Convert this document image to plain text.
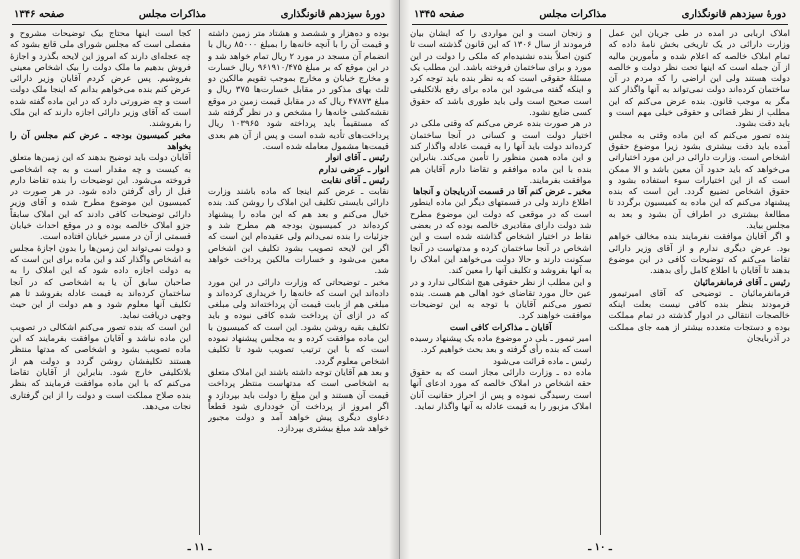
دورهٔ سیزدهم قانونگذاری
مذاکرات مجلس
صفحه ۱۳۴۶

بوده و ده‌هزار و ششصد و هشتاد متر زمین داشته و قیمت آن را با آنچه خانه‌ها را بمبلغ ۸۵۰۰۰ ریال با انضمام آن مسجد در مورد ۲ ریال تمام خواهد شد و در این موقع که بر مبلغ ۹۶۱۹۱۰/۴۷۵ ریال خسارت و مخارج خیابان و مخارج بموجب تقویم مالکین دو ثلث بهای مذکور در مقابل خسارت‌ها ۳۷۵ ریال و مبلغ ۴۷۸۷۳ ریال که در مقابل قیمت زمین در موقع نقشه‌کشی خانه‌ها را مشخص و در نظر گرفته شد که مستقیماً باید پرداخته شود ۱۰۳۹۶۵ ریال پرداخت‌های تأدیه شده است و پس از آن هم بعدی قیمت‌ها مشمول معامله شده است.

رئیس ـ آقای انوار

انوار ـ عرضی ندارم

رئیس ـ آقای نقابت

نقابت ـ عرض کنم اینجا که ماده باشند وزارت دارائی بایستی تکلیف این املاک را روشن کند. بنده خیال می‌کنم و بعد هم که این ماده را پیشنهاد کرده‌اند در کمیسیون بودجه هم مطرح شد و جزئیات را بنده نمی‌دانم ولی عقیده‌ام این است که اگر این لایحه تصویب بشود تکلیف این اشخاص معین می‌شود و خسارات مالکین پرداخت خواهد شد.

مخبر ـ توضیحاتی که وزارت دارائی در این مورد داده‌اند این است که خانه‌ها را خریداری کرده‌اند و مبلغی هم از بابت قیمت آن پرداخته‌اند ولی مبلغی که در ازای آن پرداخت شده کافی نبوده و باید تکلیف بقیه روشن بشود. این است که کمیسیون با این ماده موافقت کرده و به مجلس پیشنهاد نموده است که با این ترتیب تصویب شود تا تکلیف اشخاص معلوم گردد.

و بعد هم آقایان توجه داشته باشند این املاک متعلق به اشخاصی است که مدتهاست منتظر پرداخت قیمت آن هستند و این مبلغ را دولت باید بپردازد و اگر امروز از پرداخت آن خودداری شود قطعاً دعاوی دیگری پیش خواهد آمد و دولت مجبور خواهد شد مبلغ بیشتری بپردازد.

کجا است اینها محتاج بیک توضیحات مشروح و مفصلی است که مجلس شورای ملی قانع بشود که چه عجله‌ای دارند که امروز این لایحه بگذرد و اجازهٔ فروش بدهیم ما ملک دولت را بیک اشخاص معینی بفروشیم. پس عرض کردم آقایان وزیر دارائی عرض کنم بنده می‌خواهم بدانم که اینجا ملک دولت است و چه ضرورتی دارد که در این ماده گفته شده است که آقای وزیر دارائی اجازه دارند که این ملک را بفروشند.

مخبر کمیسیون بودجه ـ عرض کنم مجلس آن را بخواهد

آقایان دولت باید توضیح بدهند که این زمین‌ها متعلق به کیست و چه مقدار است و به چه اشخاصی فروخته می‌شود. این توضیحات را بنده تقاضا دارم قبل از رأی گرفتن داده شود. در هر صورت در کمیسیون این موضوع مطرح شده و آقای وزیر دارائی توضیحات کافی دادند که این املاک سابقاً جزو املاک خالصه بوده و در موقع احداث خیابان قسمتی از آن در مسیر خیابان افتاده است.

و دولت نمی‌تواند این زمین‌ها را بدون اجازهٔ مجلس به اشخاص واگذار کند و این ماده برای این است که به دولت اجازه داده شود که این املاک را به صاحبان سابق آن یا به اشخاصی که در آنجا ساختمان کرده‌اند به قیمت عادله بفروشد تا هم تکلیف آنها معلوم شود و هم دولت از این حیث وجهی دریافت نماید.

این است که بنده تصور می‌کنم اشکالی در تصویب این ماده نباشد و آقایان موافقت بفرمایند که این ماده تصویب بشود و اشخاصی که مدتها منتظر هستند تکلیفشان روشن گردد و دولت هم از بلاتکلیفی خارج شود. بنابراین از آقایان تقاضا می‌کنم که با این ماده موافقت فرمایند که بنظر بنده صلاح مملکت است و دولت را از این گرفتاری نجات می‌دهد.

ـ ۱۱ ـ
دورهٔ سیزدهم قانونگذاری
مذاکرات مجلس
صفحه ۱۳۴۵

املاک اربابی در آمده در طی جریان این عمل وزارت دارائی در یک تاریخی بخش نامهٔ داده که تمام املاک خالصه که اعلام شده و مأمورین مالیه از آن جمله است که اینها تحت نظر دولت و خالصه دولت هستند ولی این اراضی را که مردم در آن ساختمان کرده‌اند دولت نمی‌تواند به آنها واگذار کند مگر به موجب قانون. بنده عرض می‌کنم که این مطلب از نظر قضائی و حقوقی خیلی مهم است و باید دقت بشود.

بنده تصور می‌کنم که این ماده وقتی به مجلس آمده باید دقت بیشتری بشود زیرا موضوع حقوق اشخاص است. وزارت دارائی در این مورد اختیاراتی می‌خواهد که باید حدود آن معین باشد و الا ممکن است که از این اختیارات سوء استفاده بشود و حقوق اشخاص تضییع گردد. این است که بنده پیشنهاد می‌کنم که این ماده به کمیسیون برگردد تا مطالعهٔ بیشتری در اطراف آن بشود و بعد به مجلس بیاید.

و اگر آقایان موافقت نفرمایند بنده مخالف خواهم بود. عرض دیگری ندارم و از آقای وزیر دارائی تقاضا می‌کنم که توضیحات کافی در این موضوع بدهند تا آقایان با اطلاع کامل رأی بدهند.

رئیس ـ آقای فرمانفرمائیان

فرمانفرمائیان ـ توضیحی که آقای امیرتیمور فرمودند بنظر بنده کافی نیست بعلت اینکه خالصجات انتقالی در ادوار گذشته در تمام مملکت بوده و دستجات متعدده بیشتر از همه جای مملکت در آذربایجان

و زنجان است و این مواردی را که ایشان بیان فرمودند از سال ۱۳۰۶ که این قانون گذشته است تا کنون اصلاً بنده نشنیده‌ام که ملکی را دولت در این مورد و برای ساختمان فروخته باشد. این مطلب یک مسئلهٔ حقوقی است که به نظر بنده باید توجه کرد و اینکه گفته می‌شود این ماده برای رفع بلاتکلیفی است صحیح است ولی باید طوری باشد که حقوق کسی ضایع نشود.

در هر صورت بنده عرض می‌کنم که وقتی ملکی در اختیار دولت است و کسانی در آنجا ساختمان کرده‌اند دولت باید آنها را به قیمت عادله واگذار کند و این ماده همین منظور را تأمین می‌کند. بنابراین بنده با این ماده موافقم و تقاضا دارم آقایان هم موافقت بفرمایند.

مخبر ـ عرض کنم آقا در قسمت آذربایجان و آنجاها

اطلاع دارند ولی در قسمتهای دیگر این ماده اینطور است که در موقعی که دولت این موضوع مطرح شد دولت دارای مقادیری خالصه بوده که در بعضی نقاط در اختیار اشخاص گذاشته شده است و این اشخاص در آنجا ساختمان کرده و مدتهاست در آنجا سکونت دارند و حالا دولت می‌خواهد این املاک را به آنها بفروشد و تکلیف آنها را معین کند.

و این مطلب از نظر حقوقی هیچ اشکالی ندارد و در عین حال مورد تقاضای خود اهالی هم هست. بنده تصور می‌کنم آقایان با توجه به این توضیحات موافقت خواهند کرد.

آقایان ـ مذاکرات کافی است

امیر تیمور ـ بلی در موضوع ماده یک پیشنهاد رسیده است که بنده رأی گرفته و بعد بحث خواهیم کرد.

رئیس ـ ماده قرائت می‌شود

ماده ده ـ وزارت دارائی مجاز است که به حقوق حقه اشخاص در املاک خالصه که مورد ادعای آنها است رسیدگی نموده و پس از احراز حقانیت آنان املاک مزبور را به قیمت عادله به آنها واگذار نماید.

ـ ۱۰ ـ
